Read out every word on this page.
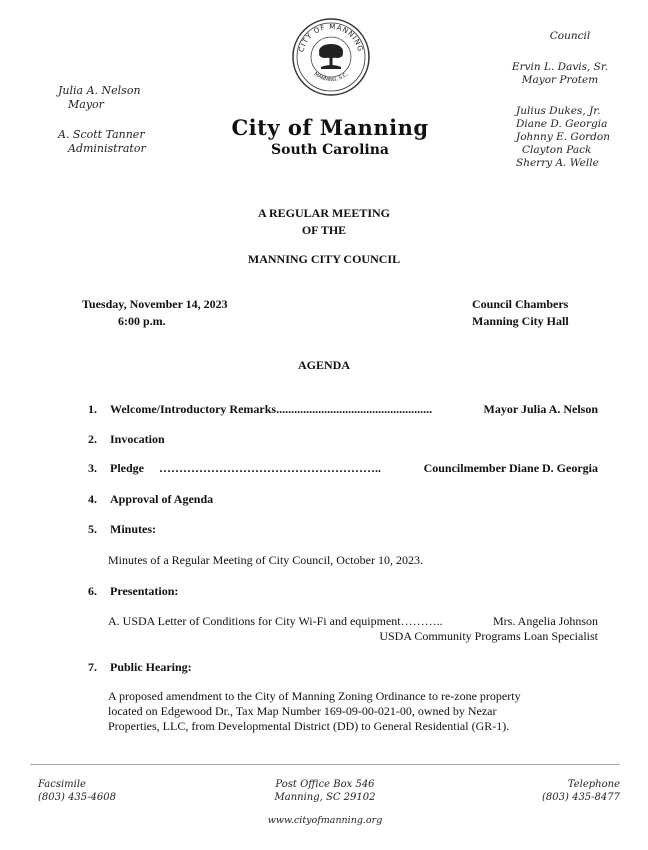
Julia A. Nelson
Mayor
A. Scott Tanner
Administrator
CITY OF MANNING
MANNING, S.C.
City of Manning
South Carolina
Council
Ervin L. Davis, Sr.
Mayor Protem
Julius Dukes, Jr.
Diane D. Georgia
Johnny E. Gordon
Clayton Pack
Sherry A. Welle
A REGULAR MEETING
OF THE
MANNING CITY COUNCIL
Tuesday, November 14, 2023
6:00 p.m.
Council Chambers
Manning City Hall
AGENDA
1. Welcome/Introductory Remarks....................................................	Mayor Julia A. Nelson
2. Invocation
3. Pledge ………………………………………………..	Councilmember Diane D. Georgia
4. Approval of Agenda
5. Minutes:
Minutes of a Regular Meeting of City Council, October 10, 2023.
6. Presentation:
A. USDA Letter of Conditions for City Wi-Fi and equipment………..	Mrs. Angelia Johnson
USDA Community Programs Loan Specialist
7. Public Hearing:
A proposed amendment to the City of Manning Zoning Ordinance to re-zone property located on Edgewood Dr., Tax Map Number 169-09-00-021-00, owned by Nezar Properties, LLC, from Developmental District (DD) to General Residential (GR-1).
Facsimile
(803) 435-4608
Post Office Box 546
Manning, SC 29102
Telephone
(803) 435-8477
www.cityofmanning.org
